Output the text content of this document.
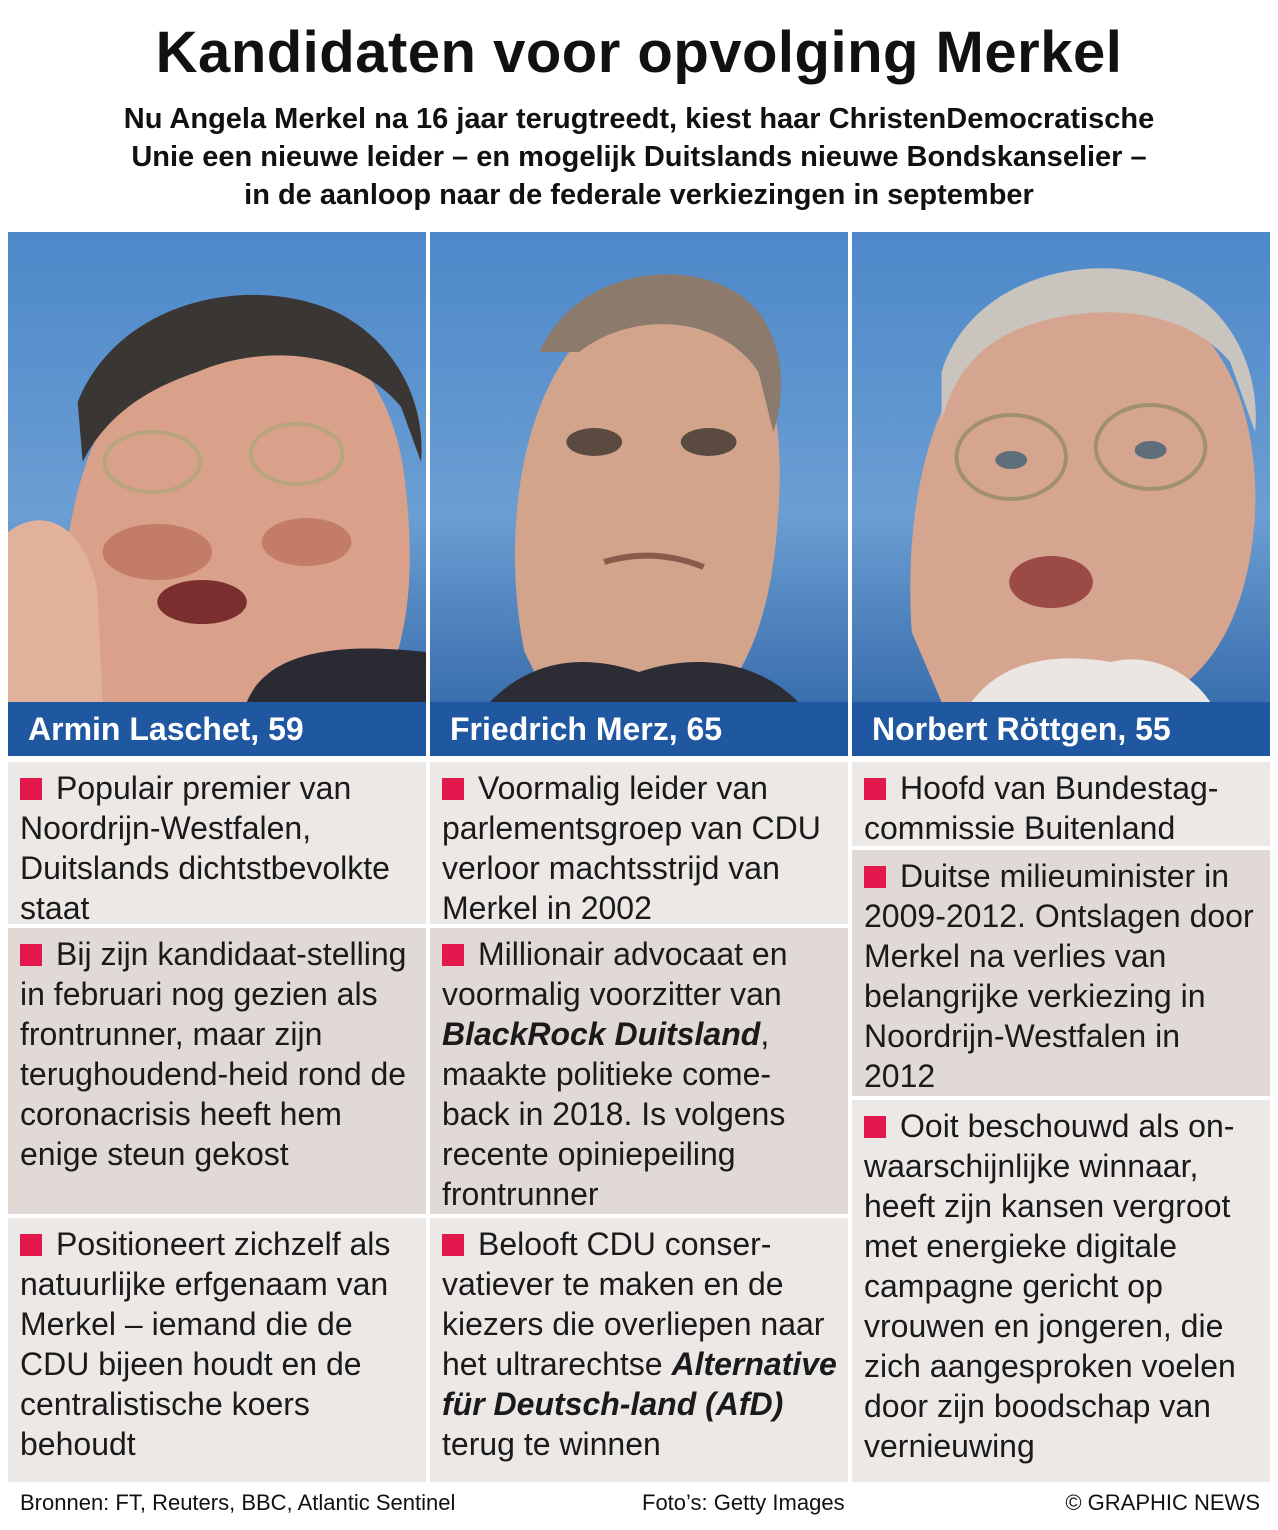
Kandidaten voor opvolging Merkel
Nu Angela Merkel na 16 jaar terugtreedt, kiest haar ChristenDemocratische
Unie een nieuwe leider – en mogelijk Duitslands nieuwe Bondskanselier –
in de aanloop naar de federale verkiezingen in september
Armin Laschet, 59
Populair premier van Noordrijn-Westfalen, Duitslands dichtstbevolkte staat
Bij zijn kandidaat-stelling in februari nog gezien als frontrunner, maar zijn terughoudend-heid rond de coronacrisis heeft hem enige steun gekost
Positioneert zichzelf als natuurlijke erfgenaam van Merkel – iemand die de CDU bijeen houdt en de centralistische koers behoudt
Friedrich Merz, 65
Voormalig leider van parlementsgroep van CDU verloor machtsstrijd van Merkel in 2002
Millionair advocaat en voormalig voorzitter van BlackRock Duitsland, maakte politieke come-back in 2018. Is volgens recente opiniepeiling frontrunner
Belooft CDU conser-vatiever te maken en de kiezers die overliepen naar het ultrarechtse Alternative für Deutsch-land (AfD) terug te winnen
Norbert Röttgen, 55
Hoofd van Bundestag-commissie Buitenland
Duitse milieuminister in 2009-2012. Ontslagen door Merkel na verlies van belangrijke verkiezing in Noordrijn-Westfalen in 2012
Ooit beschouwd als on-waarschijnlijke winnaar, heeft zijn kansen vergroot met energieke digitale campagne gericht op vrouwen en jongeren, die zich aangesproken voelen door zijn boodschap van vernieuwing
Bronnen: FT, Reuters, BBC, Atlantic Sentinel	Foto’s: Getty Images	© GRAPHIC NEWS
